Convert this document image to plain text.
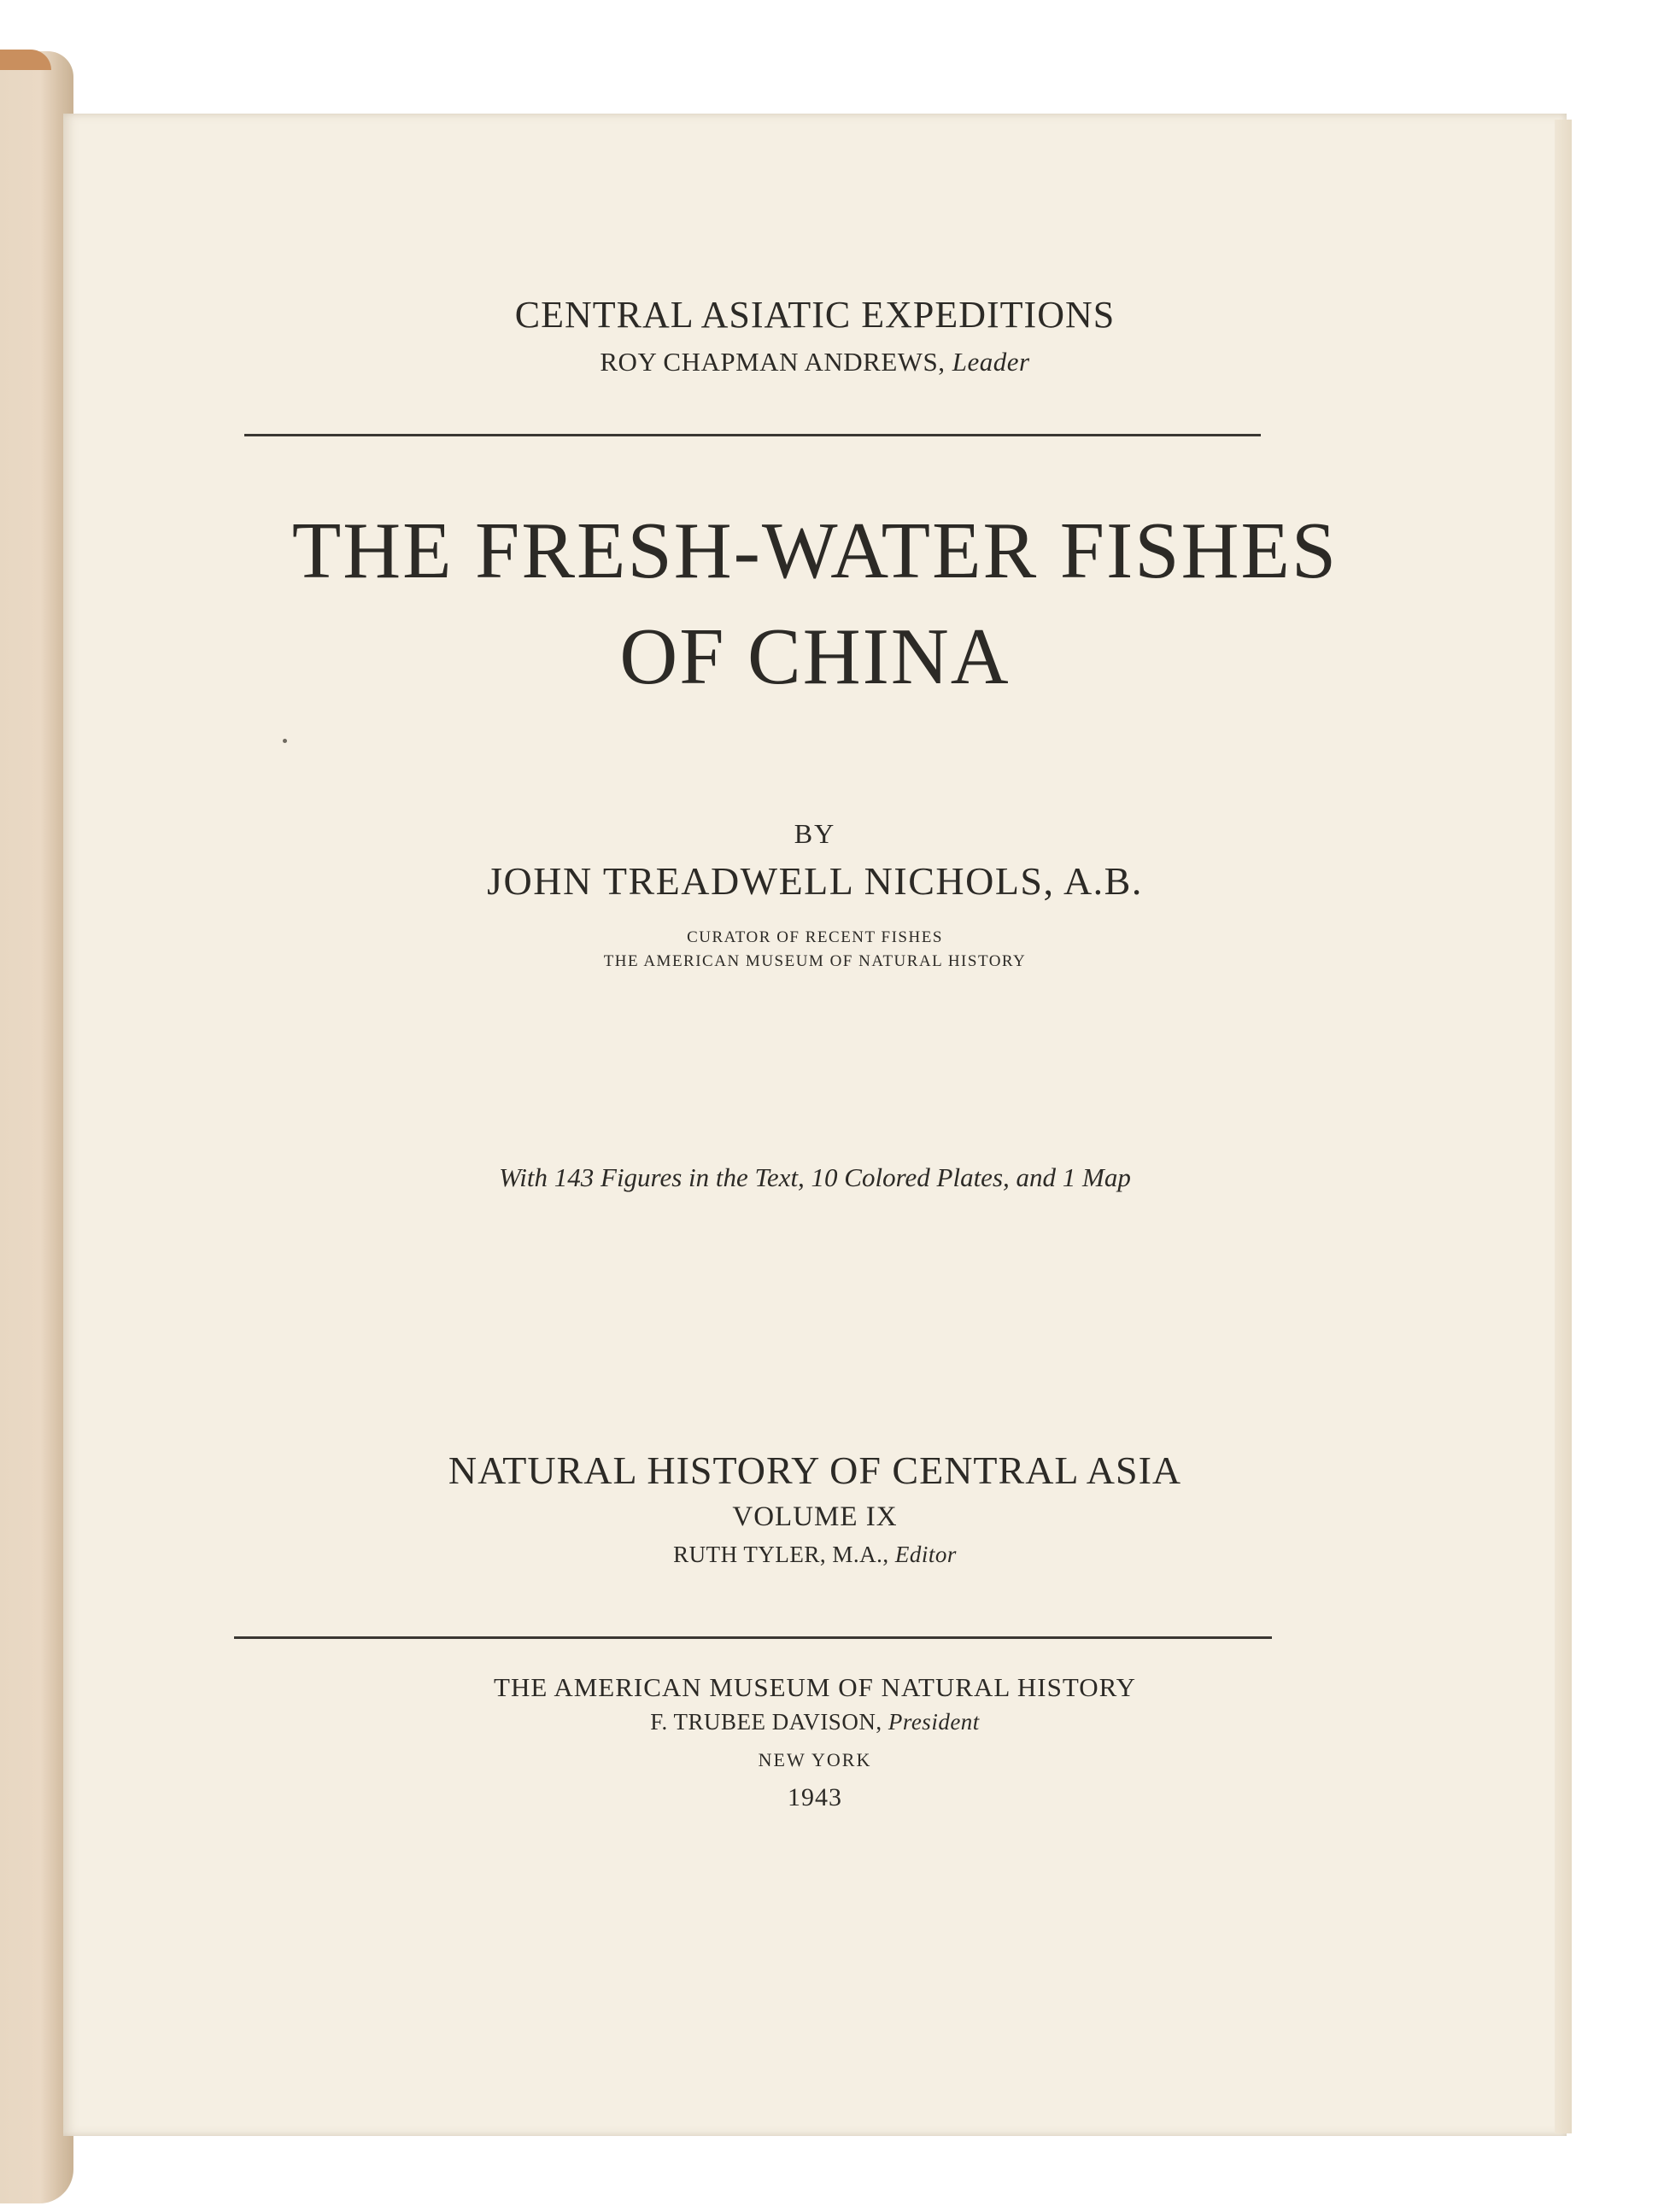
CENTRAL ASIATIC EXPEDITIONS
ROY CHAPMAN ANDREWS, Leader
THE FRESH-WATER FISHES
OF CHINA
BY
JOHN TREADWELL NICHOLS, A.B.
CURATOR OF RECENT FISHES
THE AMERICAN MUSEUM OF NATURAL HISTORY
With 143 Figures in the Text, 10 Colored Plates, and 1 Map
NATURAL HISTORY OF CENTRAL ASIA
VOLUME IX
RUTH TYLER, M.A., Editor
THE AMERICAN MUSEUM OF NATURAL HISTORY
F. TRUBEE DAVISON, President
NEW YORK
1943
